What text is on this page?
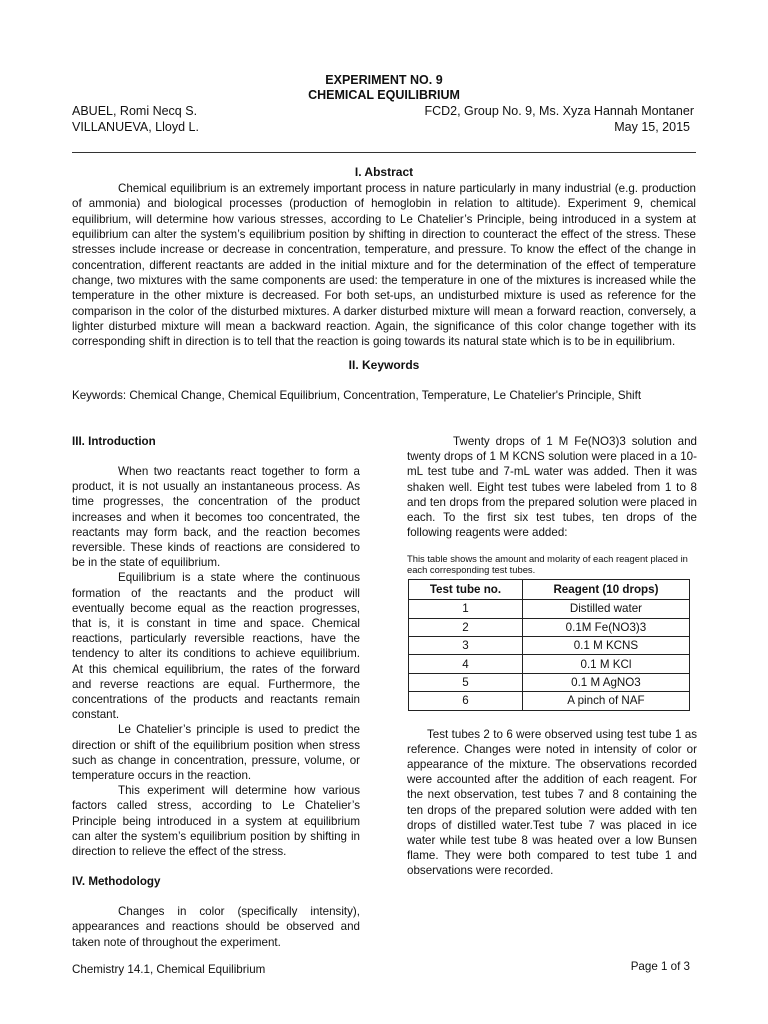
EXPERIMENT NO. 9
CHEMICAL EQUILIBRIUM
ABUEL, Romi Necq S.
VILLANUEVA, Lloyd L.
FCD2, Group No. 9, Ms. Xyza Hannah Montaner
May 15, 2015
I. Abstract

Chemical equilibrium is an extremely important process in nature particularly in many industrial (e.g. production of ammonia) and biological processes (production of hemoglobin in relation to altitude). Experiment 9, chemical equilibrium, will determine how various stresses, according to Le Chatelier’s Principle, being introduced in a system at equilibrium can alter the system’s equilibrium position by shifting in direction to counteract the effect of the stress. These stresses include increase or decrease in concentration, temperature, and pressure. To know the effect of the change in concentration, different reactants are added in the initial mixture and for the determination of the effect of temperature change, two mixtures with the same components are used: the temperature in one of the mixtures is increased while the temperature in the other mixture is decreased. For both set-ups, an undisturbed mixture is used as reference for the comparison in the color of the disturbed mixtures. A darker disturbed mixture will mean a forward reaction, conversely, a lighter disturbed mixture will mean a backward reaction. Again, the significance of this color change together with its corresponding shift in direction is to tell that the reaction is going towards its natural state which is to be in equilibrium.

II. Keywords

Keywords: Chemical Change, Chemical Equilibrium, Concentration, Temperature, Le Chatelier's Principle, Shift

III. Introduction

When two reactants react together to form a product, it is not usually an instantaneous process. As time progresses, the concentration of the product increases and when it becomes too concentrated, the reactants may form back, and the reaction becomes reversible. These kinds of reactions are considered to be in the state of equilibrium.

Equilibrium is a state where the continuous formation of the reactants and the product will eventually become equal as the reaction progresses, that is, it is constant in time and space. Chemical reactions, particularly reversible reactions, have the tendency to alter its conditions to achieve equilibrium. At this chemical equilibrium, the rates of the forward and reverse reactions are equal. Furthermore, the concentrations of the products and reactants remain constant.

Le Chatelier’s principle is used to predict the direction or shift of the equilibrium position when stress such as change in concentration, pressure, volume, or temperature occurs in the reaction.

This experiment will determine how various factors called stress, according to Le Chatelier’s Principle being introduced in a system at equilibrium can alter the system’s equilibrium position by shifting in direction to relieve the effect of the stress.

IV. Methodology

Changes in color (specifically intensity), appearances and reactions should be observed and taken note of throughout the experiment.

Twenty drops of 1 M Fe(NO3)3 solution and twenty drops of 1 M KCNS solution were placed in a 10-mL test tube and 7-mL water was added. Then it was shaken well. Eight test tubes were labeled from 1 to 8 and ten drops from the prepared solution were placed in each. To the first six test tubes, ten drops of the following reagents were added:

This table shows the amount and molarity of each reagent placed in each corresponding test tubes.

Test tube no.	Reagent (10 drops)
1	Distilled water
2	0.1M Fe(NO3)3
3	0.1 M KCNS
4	0.1 M KCl
5	0.1 M AgNO3
6	A pinch of NAF

Test tubes 2 to 6 were observed using test tube 1 as reference. Changes were noted in intensity of color or appearance of the mixture. The observations recorded were accounted after the addition of each reagent. For the next observation, test tubes 7 and 8 containing the ten drops of the prepared solution were added with ten drops of distilled water.Test tube 7 was placed in ice water while test tube 8 was heated over a low Bunsen flame. They were both compared to test tube 1 and observations were recorded.

Chemistry 14.1, Chemical Equilibrium	Page 1 of 3
